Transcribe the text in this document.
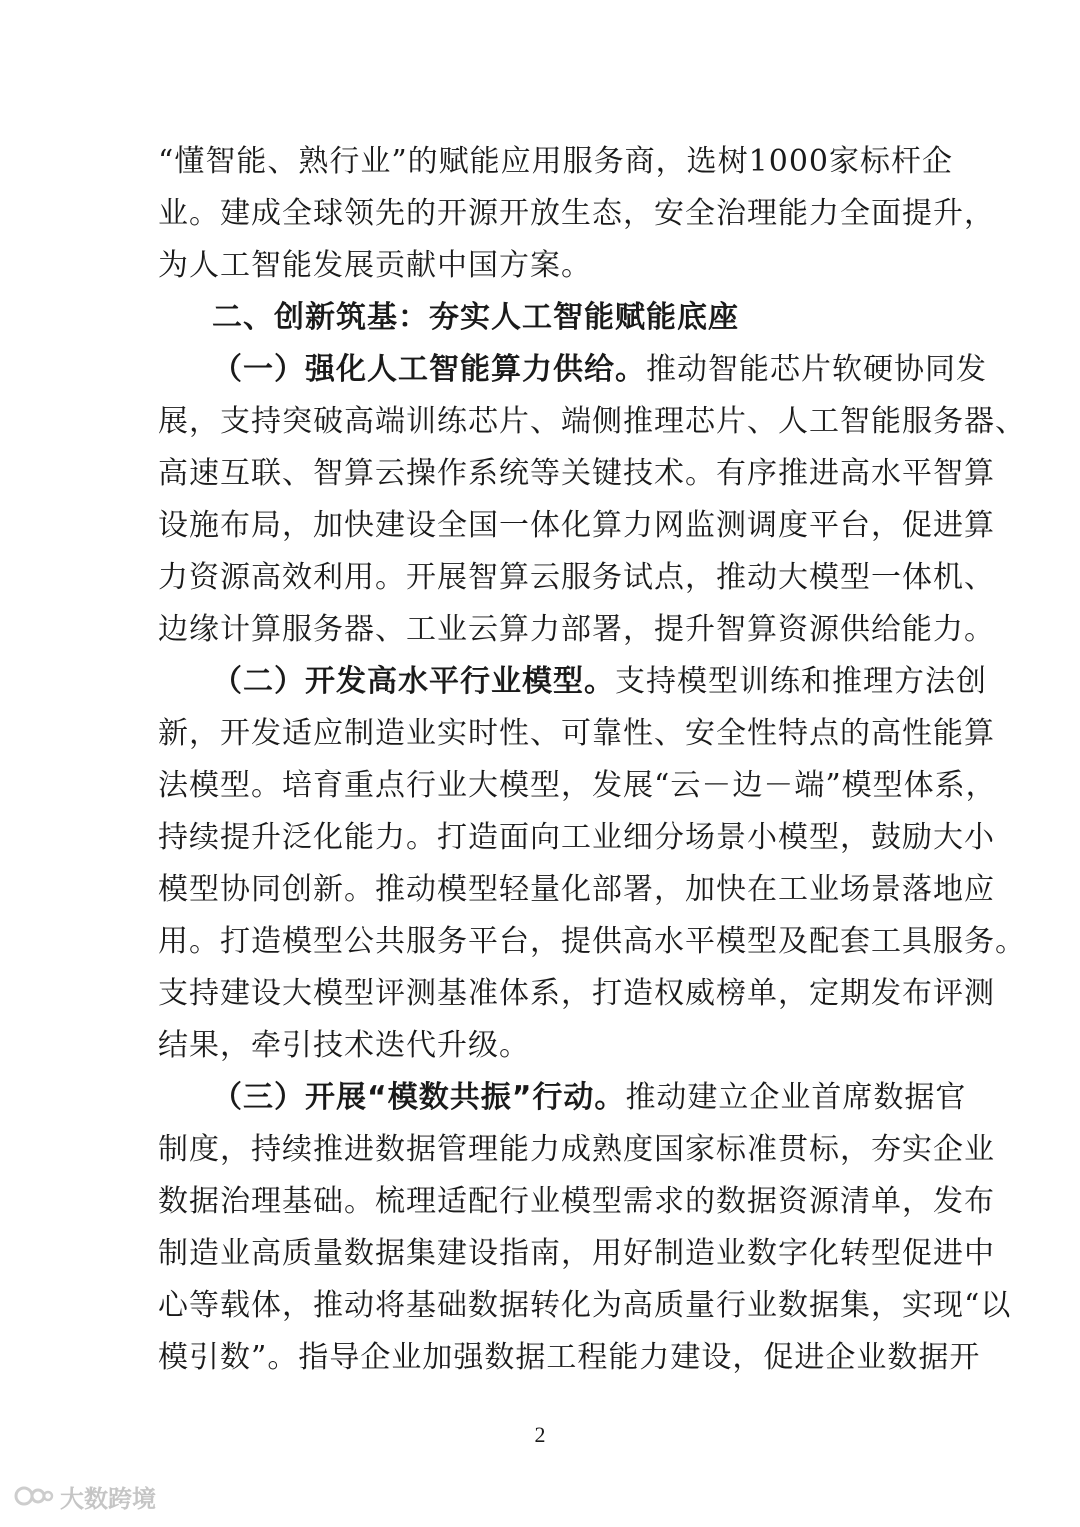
“懂智能、熟行业”的赋能应用服务商，选树1000家标杆企
业。建成全球领先的开源开放生态，安全治理能力全面提升，
为人工智能发展贡献中国方案。
二、创新筑基：夯实人工智能赋能底座
（一）强化人工智能算力供给。推动智能芯片软硬协同发
展，支持突破高端训练芯片、端侧推理芯片、人工智能服务器、
高速互联、智算云操作系统等关键技术。有序推进高水平智算
设施布局，加快建设全国一体化算力网监测调度平台，促进算
力资源高效利用。开展智算云服务试点，推动大模型一体机、
边缘计算服务器、工业云算力部署，提升智算资源供给能力。
（二）开发高水平行业模型。支持模型训练和推理方法创
新，开发适应制造业实时性、可靠性、安全性特点的高性能算
法模型。培育重点行业大模型，发展“云－边－端”模型体系，
持续提升泛化能力。打造面向工业细分场景小模型，鼓励大小
模型协同创新。推动模型轻量化部署，加快在工业场景落地应
用。打造模型公共服务平台，提供高水平模型及配套工具服务。
支持建设大模型评测基准体系，打造权威榜单，定期发布评测
结果，牵引技术迭代升级。
（三）开展“模数共振”行动。推动建立企业首席数据官
制度，持续推进数据管理能力成熟度国家标准贯标，夯实企业
数据治理基础。梳理适配行业模型需求的数据资源清单，发布
制造业高质量数据集建设指南，用好制造业数字化转型促进中
心等载体，推动将基础数据转化为高质量行业数据集，实现“以
模引数”。指导企业加强数据工程能力建设，促进企业数据开
2
大数跨境
